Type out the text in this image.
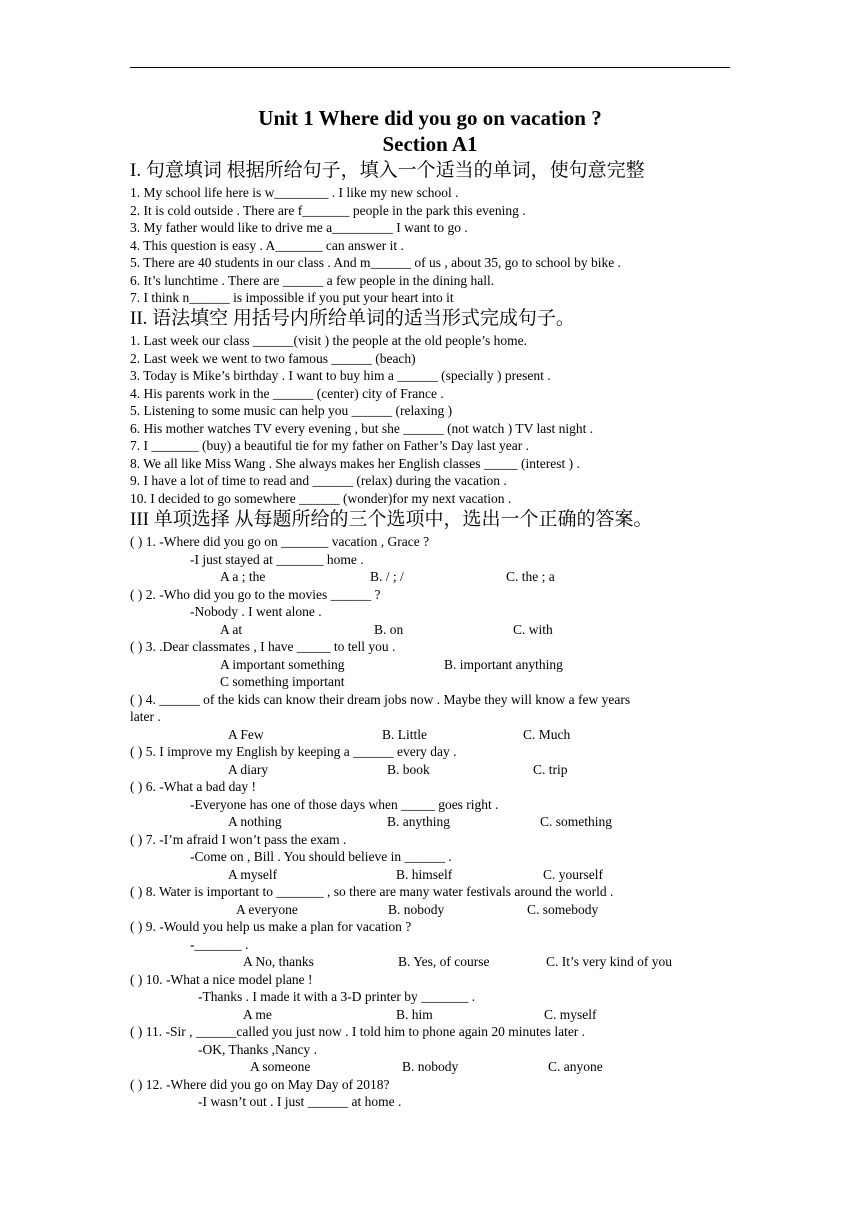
Unit 1 Where did you go on vacation ?
Section A1
I. 句意填词 根据所给句子，填入一个适当的单词，使句意完整
1. My school life here is w________ . I like my new school .
2. It is cold outside . There are f_______ people in the park this evening .
3. My father would like to drive me a_________ I want to go .
4. This question is easy . A_______ can answer it .
5. There are 40 students in our class . And m______ of us , about 35, go to school by bike .
6. It’s lunchtime . There are ______ a few people in the dining hall.
7. I think n______ is impossible if you put your heart into it
II. 语法填空 用括号内所给单词的适当形式完成句子。
1. Last week our class ______(visit ) the people at the old people’s home.
2. Last week we went to two famous ______ (beach)
3. Today is Mike’s birthday . I want to buy him a ______ (specially ) present .
4. His parents work in the ______ (center) city of France .
5. Listening to some music can help you ______ (relaxing )
6. His mother watches TV every evening , but she ______ (not watch ) TV last night .
7. I _______ (buy) a beautiful tie for my father on Father’s Day last year .
8. We all like Miss Wang . She always makes her English classes _____ (interest ) .
9. I have a lot of time to read and ______ (relax) during the vacation .
10. I decided to go somewhere ______ (wonder)for my next vacation .
III 单项选择 从每题所给的三个选项中，选出一个正确的答案。
( ) 1. -Where did you go on _______ vacation , Grace ?
-I just stayed at _______ home .
A a ; the	B. / ; /	C. the ; a
( ) 2. -Who did you go to the movies ______ ?
-Nobody . I went alone .
A at	B. on	C. with
( ) 3. .Dear classmates , I have _____ to tell you .
A important something	B. important anything
C something important
( ) 4. ______ of the kids can know their dream jobs now . Maybe they will know a few years
later .
A Few	B. Little	C. Much
( ) 5. I improve my English by keeping a ______ every day .
A diary	B. book	C. trip
( ) 6. -What a bad day !
-Everyone has one of those days when _____ goes right .
A nothing	B. anything	C. something
( ) 7. -I’m afraid I won’t pass the exam .
-Come on , Bill . You should believe in ______ .
A myself	B. himself	C. yourself
( ) 8. Water is important to _______ , so there are many water festivals around the world .
A everyone	B. nobody	C. somebody
( ) 9. -Would you help us make a plan for vacation ?
-_______ .
A No, thanks	B. Yes, of course	C. It’s very kind of you
( ) 10. -What a nice model plane !
-Thanks . I made it with a 3-D printer by _______ .
A me	B. him	C. myself
( ) 11. -Sir , ______called you just now . I told him to phone again 20 minutes later .
-OK, Thanks ,Nancy .
A someone	B. nobody	C. anyone
( ) 12. -Where did you go on May Day of 2018?
-I wasn’t out . I just ______ at home .
